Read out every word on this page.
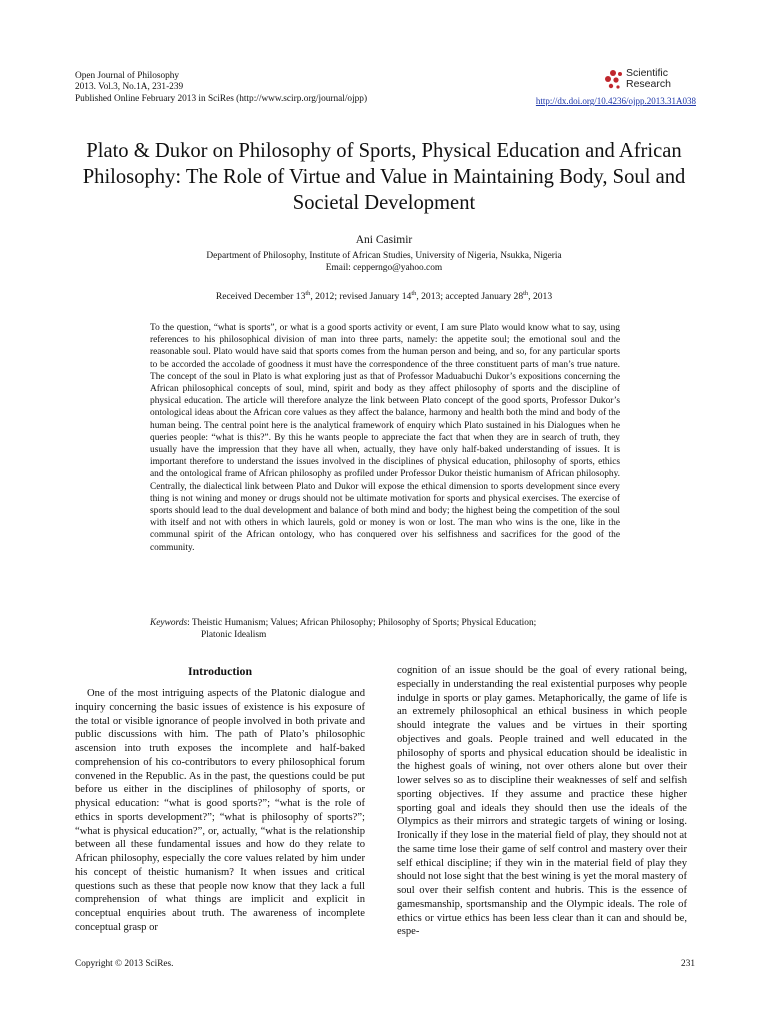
Open Journal of Philosophy
2013. Vol.3, No.1A, 231-239
Published Online February 2013 in SciRes (http://www.scirp.org/journal/ojpp)
Scientific
Research
http://dx.doi.org/10.4236/ojpp.2013.31A038
Plato & Dukor on Philosophy of Sports, Physical Education and African Philosophy: The Role of Virtue and Value in Maintaining Body, Soul and Societal Development
Ani Casimir
Department of Philosophy, Institute of African Studies, University of Nigeria, Nsukka, Nigeria
Email: cepperngo@yahoo.com
Received December 13th, 2012; revised January 14th, 2013; accepted January 28th, 2013

To the question, “what is sports”, or what is a good sports activity or event, I am sure Plato would know what to say, using references to his philosophical division of man into three parts, namely: the appetite soul; the emotional soul and the reasonable soul. Plato would have said that sports comes from the human person and being, and so, for any particular sports to be accorded the accolade of goodness it must have the correspondence of the three constituent parts of man’s true nature. The concept of the soul in Plato is what exploring just as that of Professor Maduabuchi Dukor’s expositions concerning the African philosophical concepts of soul, mind, spirit and body as they affect philosophy of sports and the discipline of physical education. The article will therefore analyze the link between Plato concept of the good sports, Professor Dukor’s ontological ideas about the African core values as they affect the balance, harmony and health both the mind and body of the human being. The central point here is the analytical framework of enquiry which Plato sustained in his Dialogues when he queries people: “what is this?”. By this he wants people to appreciate the fact that when they are in search of truth, they usually have the impression that they have all when, actually, they have only half-baked understanding of issues. It is important therefore to understand the issues involved in the disciplines of physical education, philosophy of sports, ethics and the ontological frame of African philosophy as profiled under Professor Dukor theistic humanism of African philosophy. Centrally, the dialectical link between Plato and Dukor will expose the ethical dimension to sports development since every thing is not wining and money or drugs should not be ultimate motivation for sports and physical exercises. The exercise of sports should lead to the dual development and balance of both mind and body; the highest being the competition of the soul with itself and not with others in which laurels, gold or money is won or lost. The man who wins is the one, like in the communal spirit of the African ontology, who has conquered over his selfishness and sacrifices for the good of the community.

Keywords: Theistic Humanism; Values; African Philosophy; Philosophy of Sports; Physical Education;
Platonic Idealism
Introduction

One of the most intriguing aspects of the Platonic dialogue and inquiry concerning the basic issues of existence is his exposure of the total or visible ignorance of people involved in both private and public discussions with him. The path of Plato’s philosophic ascension into truth exposes the incomplete and half-baked comprehension of his co-contributors to every philosophical forum convened in the Republic. As in the past, the questions could be put before us either in the disciplines of philosophy of sports, or physical education: “what is good sports?”; “what is the role of ethics in sports development?”; “what is philosophy of sports?”; “what is physical education?”, or, actually, “what is the relationship between all these fundamental issues and how do they relate to African philosophy, especially the core values related by him under his concept of theistic humanism? It when issues and critical questions such as these that people now know that they lack a full comprehension of what things are implicit and explicit in conceptual enquiries about truth. The awareness of incomplete conceptual grasp or

cognition of an issue should be the goal of every rational being, especially in understanding the real existential purposes why people indulge in sports or play games. Metaphorically, the game of life is an extremely philosophical an ethical business in which people should integrate the values and be virtues in their sporting objectives and goals. People trained and well educated in the philosophy of sports and physical education should be idealistic in the highest goals of wining, not over others alone but over their lower selves so as to discipline their weaknesses of self and selfish sporting objectives. If they assume and practice these higher sporting goal and ideals they should then use the ideals of the Olympics as their mirrors and strategic targets of wining or losing. Ironically if they lose in the material field of play, they should not at the same time lose their game of self control and mastery over their self ethical discipline; if they win in the material field of play they should not lose sight that the best wining is yet the moral mastery of soul over their selfish content and hubris. This is the essence of gamesmanship, sportsmanship and the Olympic ideals. The role of ethics or virtue ethics has been less clear than it can and should be, espe-

Copyright © 2013 SciRes.	231
